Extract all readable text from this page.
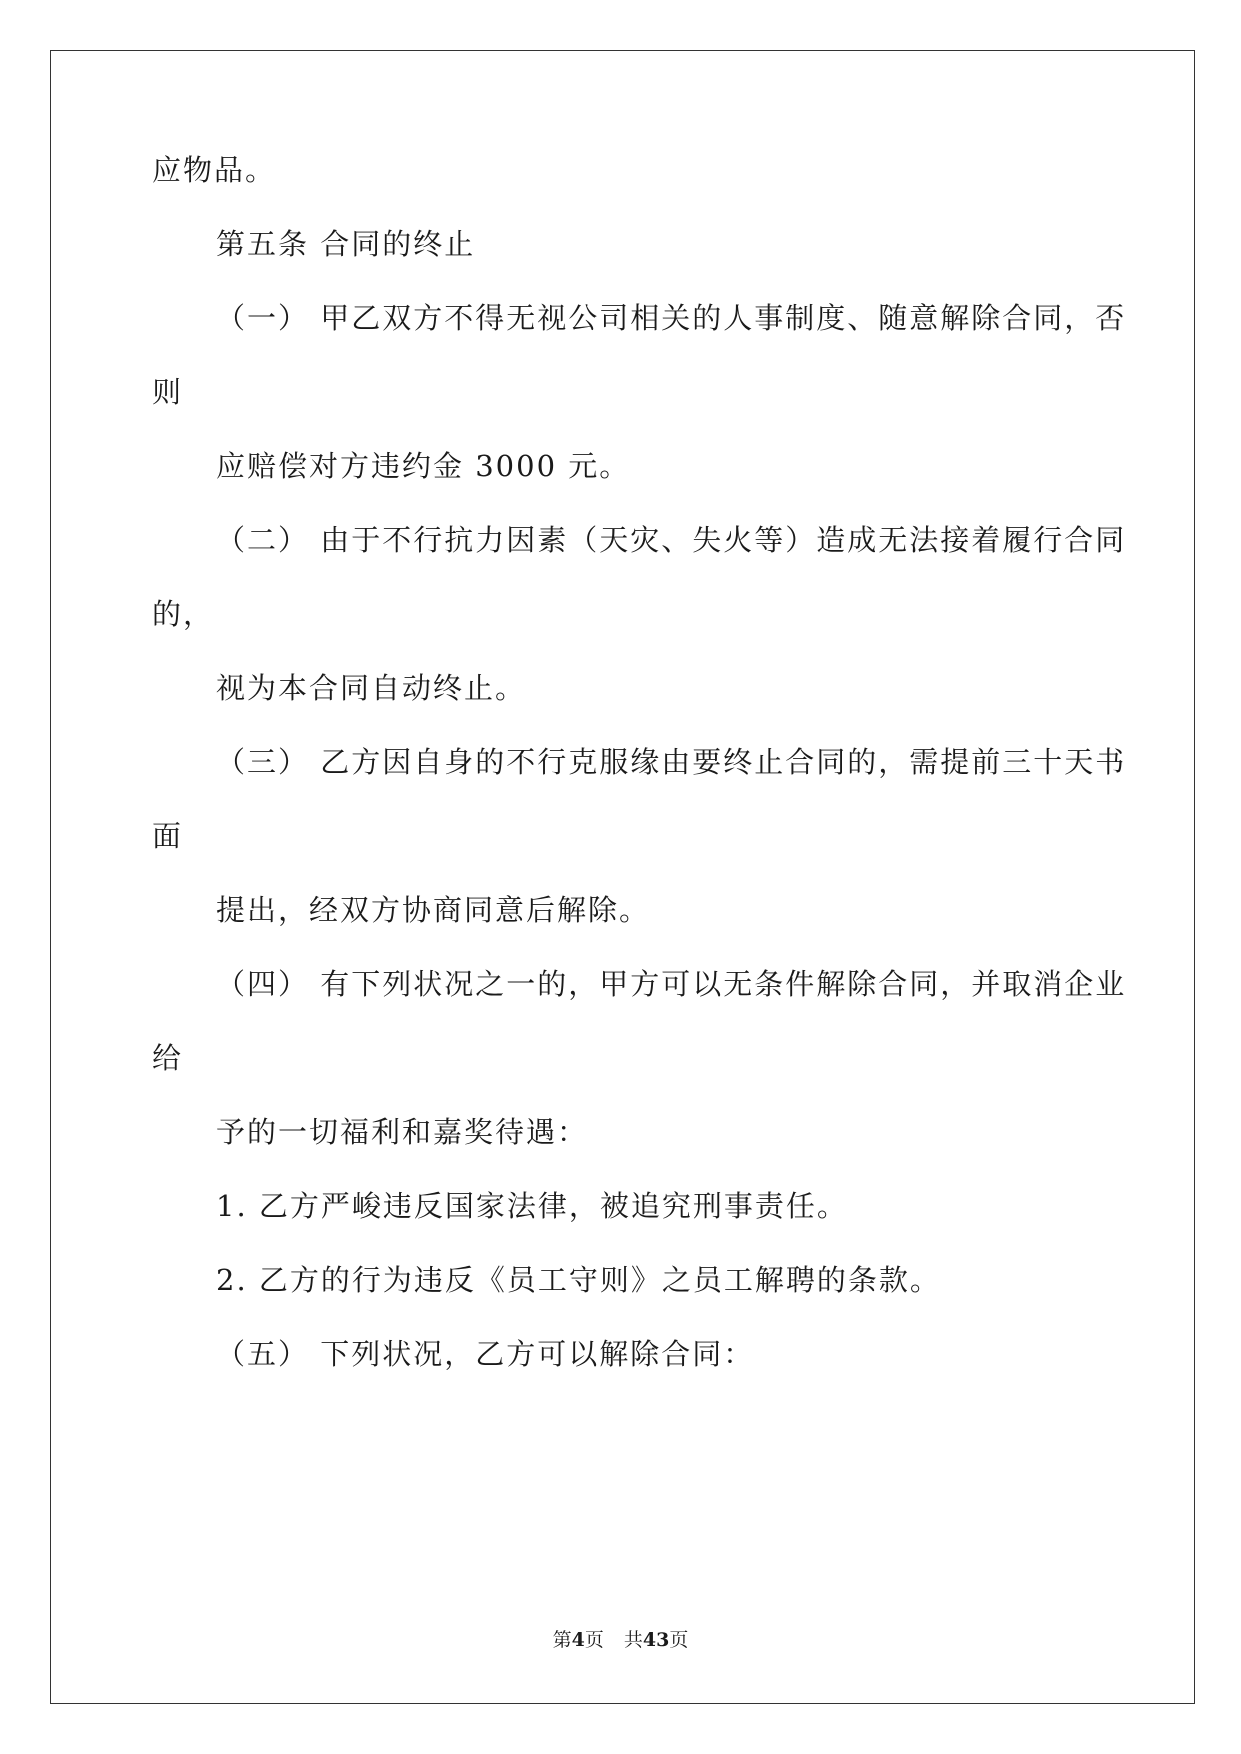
应物品。
第五条 合同的终止
（一） 甲乙双方不得无视公司相关的人事制度、随意解除合同，否
则
应赔偿对方违约金 3000 元。
（二） 由于不行抗力因素（天灾、失火等）造成无法接着履行合同
的，
视为本合同自动终止。
（三） 乙方因自身的不行克服缘由要终止合同的，需提前三十天书
面
提出，经双方协商同意后解除。
（四） 有下列状况之一的，甲方可以无条件解除合同，并取消企业
给
予的一切福利和嘉奖待遇：
1. 乙方严峻违反国家法律，被追究刑事责任。
2. 乙方的行为违反《员工守则》之员工解聘的条款。
（五） 下列状况，乙方可以解除合同：
第4页 共43页
